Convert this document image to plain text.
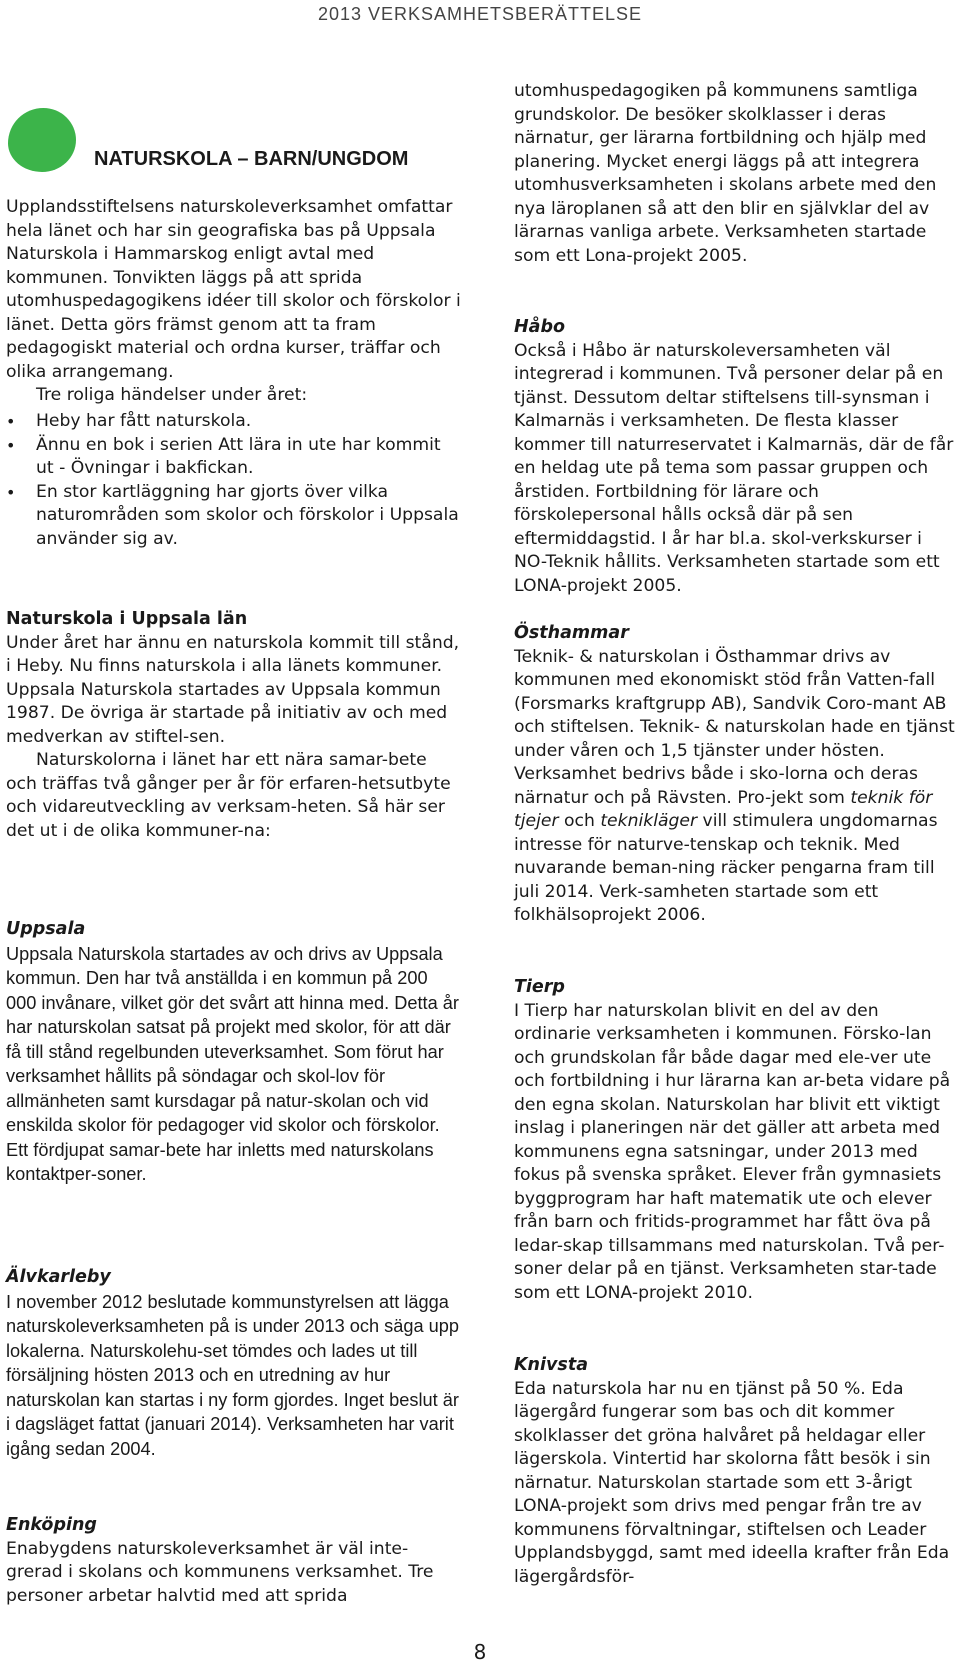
2013 VERKSAMHETSBERÄTTELSE

NATURSKOLA – BARN/UNGDOM

Upplandsstiftelsens naturskoleverksamhet omfattar hela länet och har sin geografiska bas på Uppsala Naturskola i Hammarskog enligt avtal med kommunen. Tonvikten läggs på att sprida utomhuspedagogikens idéer till skolor och förskolor i länet. Detta görs främst genom att ta fram pedagogiskt material och ordna kurser, träffar och olika arrangemang.

Tre roliga händelser under året:

• Heby har fått naturskola.
• Ännu en bok i serien Att lära in ute har kommit ut - Övningar i bakfickan.
• En stor kartläggning har gjorts över vilka naturområden som skolor och förskolor i Uppsala använder sig av.

Naturskola i Uppsala län

Under året har ännu en naturskola kommit till stånd, i Heby. Nu finns naturskola i alla länets kommuner. Uppsala Naturskola startades av Uppsala kommun 1987. De övriga är startade på initiativ av och med medverkan av stiftel-sen.

Naturskolorna i länet har ett nära samar-bete och träffas två gånger per år för erfaren-hetsutbyte och vidareutveckling av verksam-heten. Så här ser det ut i de olika kommuner-na:

Uppsala

Uppsala Naturskola startades av och drivs av Uppsala kommun. Den har två anställda i en kommun på 200 000 invånare, vilket gör det svårt att hinna med. Detta år har naturskolan satsat på projekt med skolor, för att där få till stånd regelbunden uteverksamhet. Som förut har verksamhet hållits på söndagar och skol-lov för allmänheten samt kursdagar på natur-skolan och vid enskilda skolor för pedagoger vid skolor och förskolor. Ett fördjupat samar-bete har inletts med naturskolans kontaktper-soner.

Älvkarleby

I november 2012 beslutade kommunstyrelsen att lägga naturskoleverksamheten på is under 2013 och säga upp lokalerna. Naturskolehu-set tömdes och lades ut till försäljning hösten 2013 och en utredning av hur naturskolan kan startas i ny form gjordes. Inget beslut är i dagsläget fattat (januari 2014). Verksamheten har varit igång sedan 2004.

Enköping

Enabygdens naturskoleverksamhet är väl inte-grerad i skolans och kommunens verksamhet. Tre personer arbetar halvtid med att sprida

utomhuspedagogiken på kommunens samtliga grundskolor. De besöker skolklasser i deras närnatur, ger lärarna fortbildning och hjälp med planering. Mycket energi läggs på att integrera utomhusverksamheten i skolans arbete med den nya läroplanen så att den blir en självklar del av lärarnas vanliga arbete. Verksamheten startade som ett Lona-projekt 2005.

Håbo

Också i Håbo är naturskoleversamheten väl integrerad i kommunen. Två personer delar på en tjänst. Dessutom deltar stiftelsens till-synsman i Kalmarnäs i verksamheten. De flesta klasser kommer till naturreservatet i Kalmarnäs, där de får en heldag ute på tema som passar gruppen och årstiden. Fortbildning för lärare och förskolepersonal hålls också där på sen eftermiddagstid. I år har bl.a. skol-verkskurser i NO-Teknik hållits. Verksamheten startade som ett LONA-projekt 2005.

Östhammar

Teknik- & naturskolan i Östhammar drivs av kommunen med ekonomiskt stöd från Vatten-fall (Forsmarks kraftgrupp AB), Sandvik Coro-mant AB och stiftelsen. Teknik- & naturskolan hade en tjänst under våren och 1,5 tjänster under hösten. Verksamhet bedrivs både i sko-lorna och deras närnatur och på Rävsten. Pro-jekt som teknik för tjejer och teknikläger vill stimulera ungdomarnas intresse för naturve-tenskap och teknik. Med nuvarande beman-ning räcker pengarna fram till juli 2014. Verk-samheten startade som ett folkhälsoprojekt 2006.

Tierp

I Tierp har naturskolan blivit en del av den ordinarie verksamheten i kommunen. Försko-lan och grundskolan får både dagar med ele-ver ute och fortbildning i hur lärarna kan ar-beta vidare på den egna skolan. Naturskolan har blivit ett viktigt inslag i planeringen när det gäller att arbeta med kommunens egna satsningar, under 2013 med fokus på svenska språket. Elever från gymnasiets byggprogram har haft matematik ute och elever från barn och fritids-programmet har fått öva på ledar-skap tillsammans med naturskolan. Två per-soner delar på en tjänst. Verksamheten star-tade som ett LONA-projekt 2010.

Knivsta

Eda naturskola har nu en tjänst på 50 %. Eda lägergård fungerar som bas och dit kommer skolklasser det gröna halvåret på heldagar eller lägerskola. Vintertid har skolorna fått besök i sin närnatur. Naturskolan startade som ett 3-årigt LONA-projekt som drivs med pengar från tre av kommunens förvaltningar, stiftelsen och Leader Upplandsbyggd, samt med ideella krafter från Eda lägergårdsför-

8
